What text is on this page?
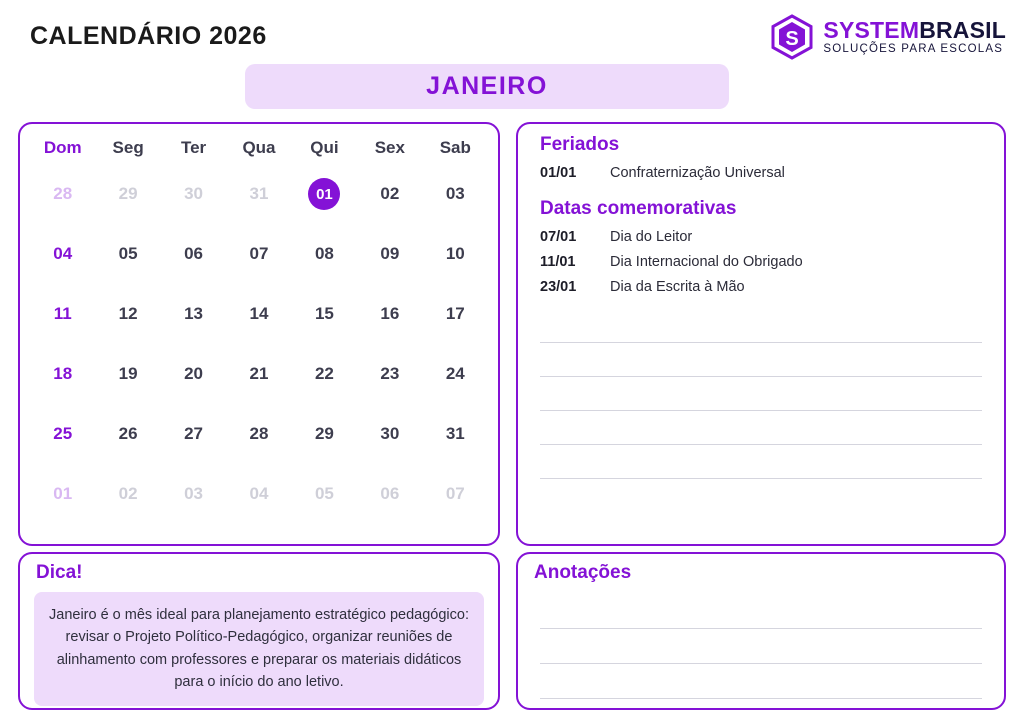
CALENDÁRIO 2026	S SYSTEMBRASIL
SOLUÇÕES PARA ESCOLAS
JANEIRO
Dom	Seg	Ter	Qua	Qui	Sex	Sab
28	29	30	31	01	02	03
04	05	06	07	08	09	10
11	12	13	14	15	16	17
18	19	20	21	22	23	24
25	26	27	28	29	30	31
01	02	03	04	05	06	07
Dica!
Janeiro é o mês ideal para planejamento estratégico pedagógico: revisar o Projeto Político-Pedagógico, organizar reuniões de alinhamento com professores e preparar os materiais didáticos para o início do ano letivo.
Feriados
01/01	Confraternização Universal
Datas comemorativas
07/01	Dia do Leitor
11/01	Dia Internacional do Obrigado
23/01	Dia da Escrita à Mão
Anotações
